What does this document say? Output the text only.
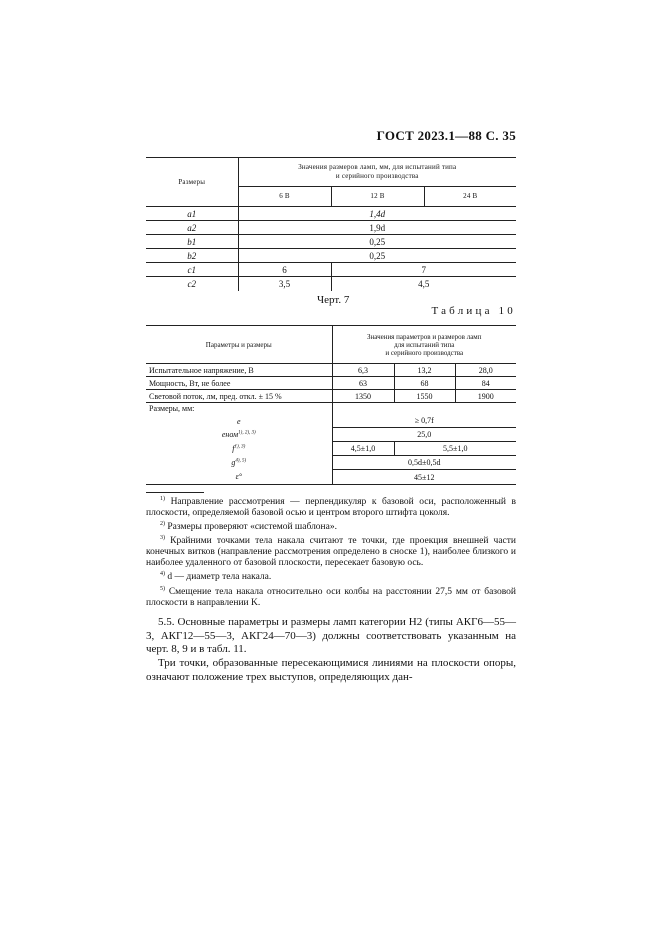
ГОСТ 2023.1—88 С. 35
Размеры	Значения размеров ламп, мм, для испытаний типа
и серийного производства		

	6 В	12 В	24 В
a1	1,4d		
a2	1,9d		
b1	0,25		
b2	0,25		
c1	6	7	
c2	3,5	4,5	
Черт. 7
Таблица 10
Параметры и размеры	Значения параметров и размеров ламп
для испытаний типа
и серийного производства		

Испытательное напряжение, В	6,3	13,2	28,0
Мощность, Вт, не более	63	68	84
Световой поток, лм, пред. откл. ± 15 %	1350	1550	1900
Размеры, мм:			
e	≥ 0,7f		
eном$^{1), 2), 3)}$	25,0		
$f^{1), 3)}$	4,5±1,0	5,5±1,0	
$g^{4), 5)}$	0,5d±0,5d		
ε°	45±12		
$^{1)}$ Направление рассмотрения — перпендикуляр к базовой оси, расположенный в плоскости, определяемой базовой осью и центром второго штифта цоколя.
$^{2)}$ Размеры проверяют «системой шаблона».
$^{3)}$ Крайними точками тела накала считают те точки, где проекция внешней части конечных витков (направление рассмотрения определено в сноске 1), наиболее близкого и наиболее удаленного от базовой плоскости, пересекает базовую ось.
$^{4)}$ d — диаметр тела накала.
$^{5)}$ Смещение тела накала относительно оси колбы на расстоянии 27,5 мм от базовой плоскости в направлении K.
5.5. Основные параметры и размеры ламп категории Н2 (типы АКГ6—55—3, АКГ12—55—3, АКГ24—70—3) должны соответствовать указанным на черт. 8, 9 и в табл. 11.
Три точки, образованные пересекающимися линиями на плоскости опоры, означают положение трех выступов, определяющих дан-
